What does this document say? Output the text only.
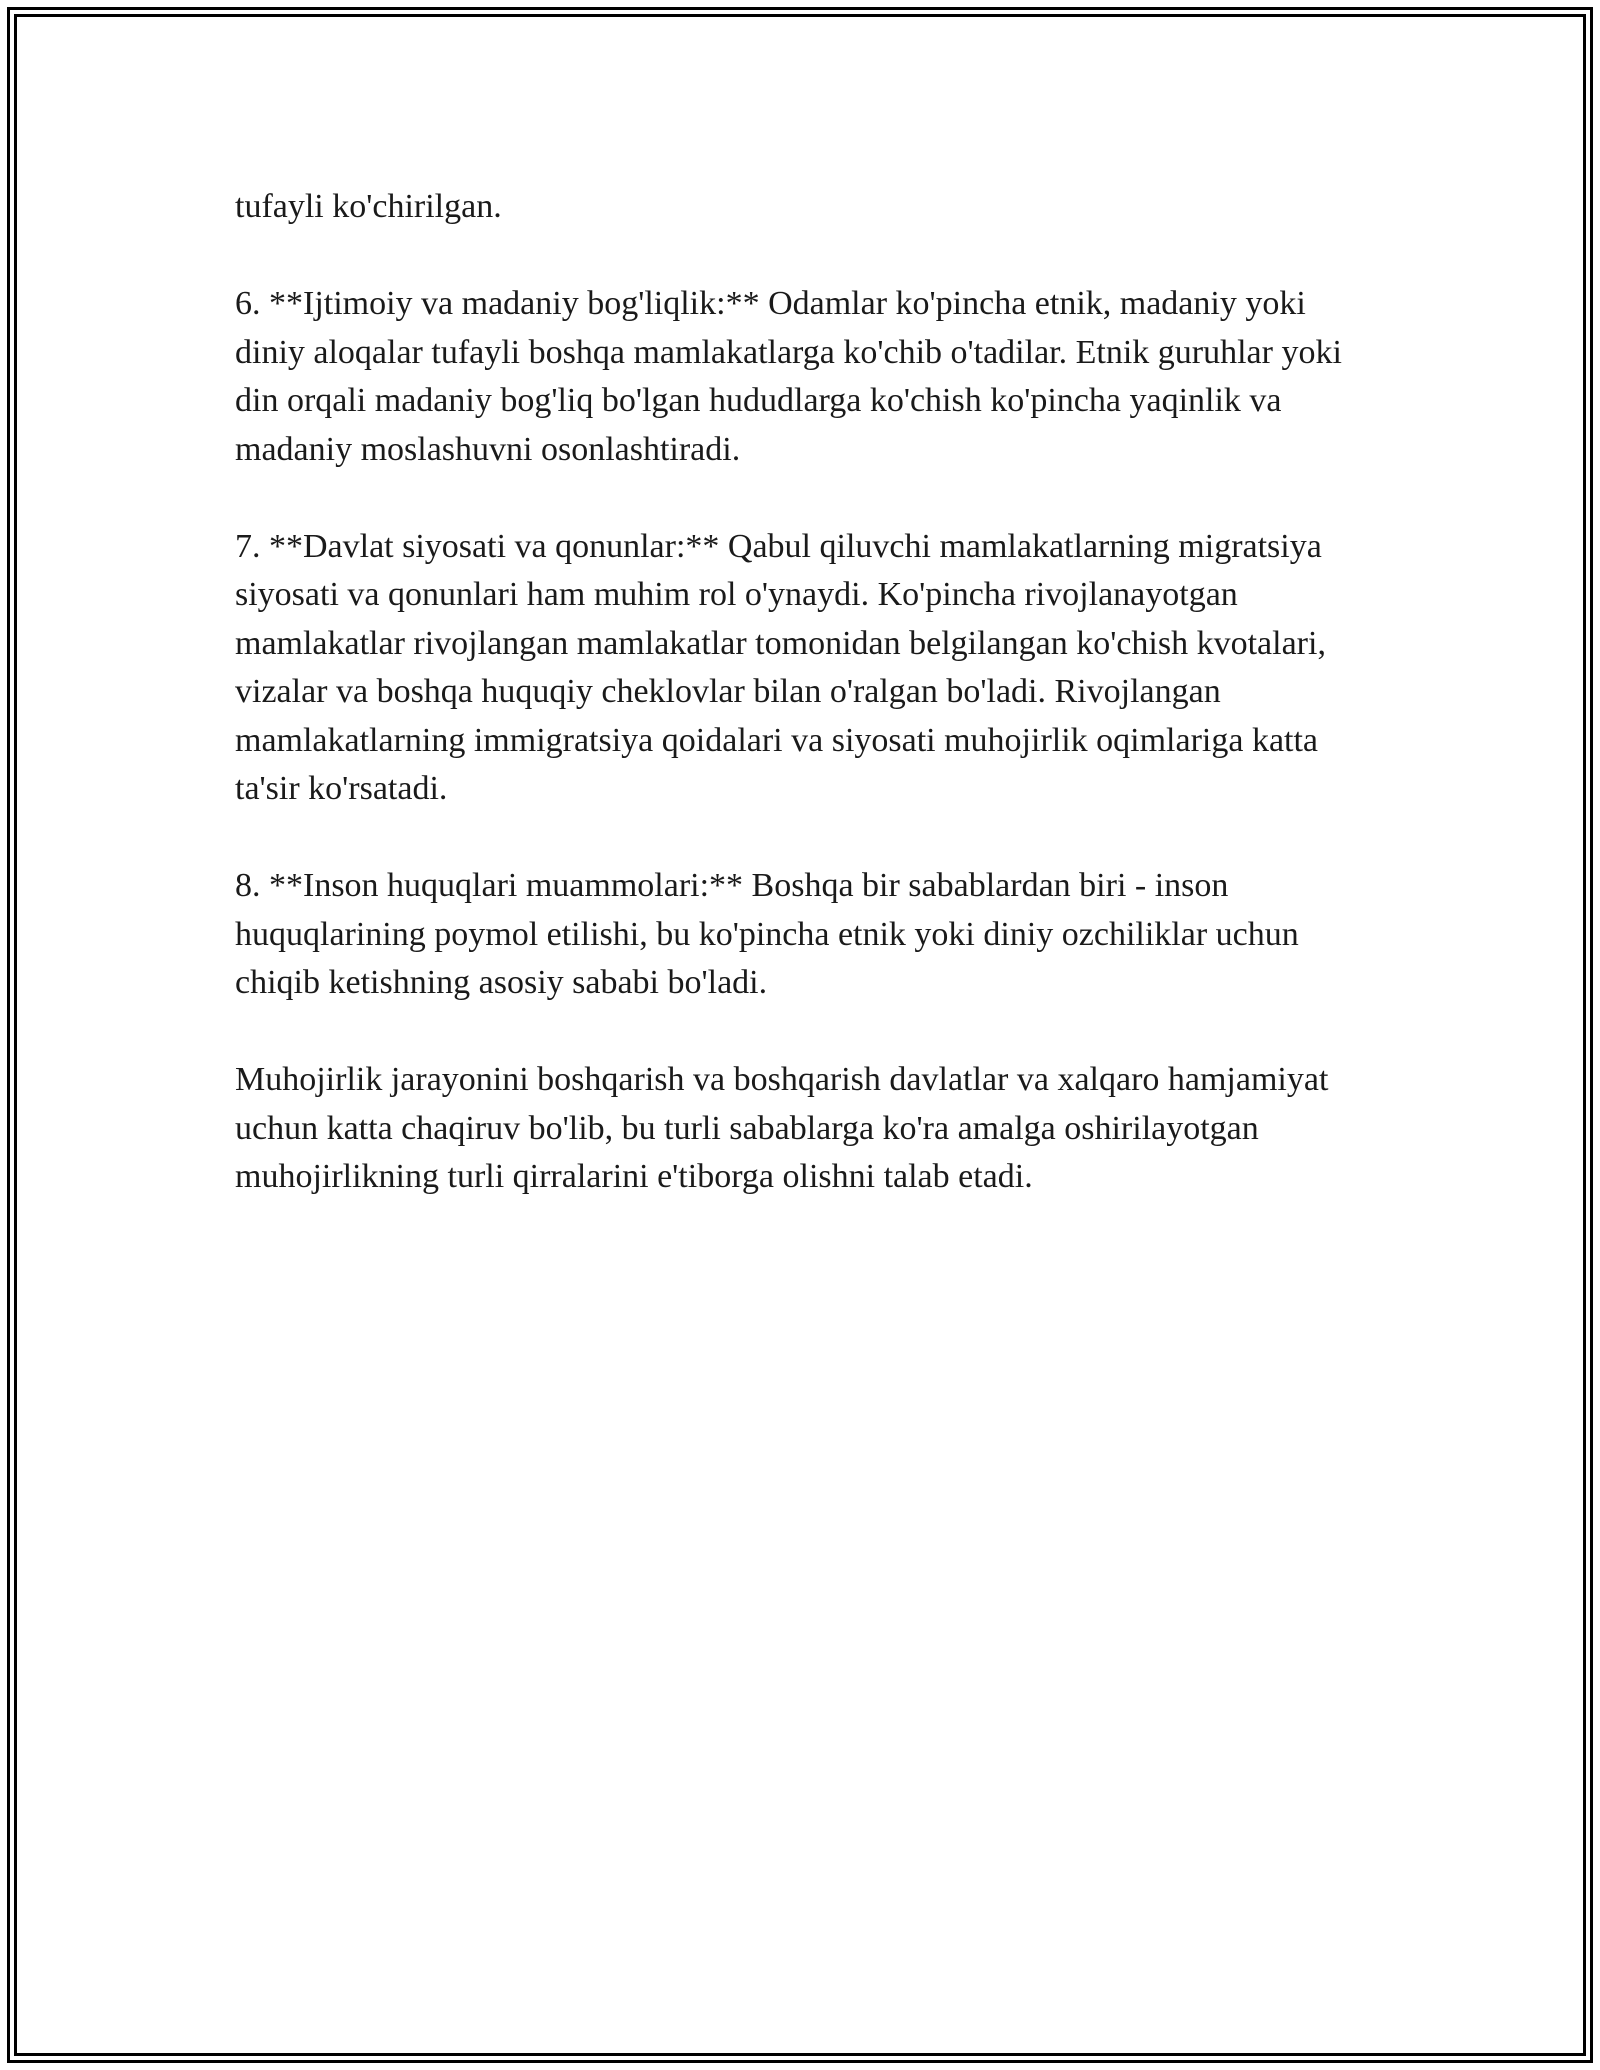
tufayli ko'chirilgan.

6. **Ijtimoiy va madaniy bog'liqlik:** Odamlar ko'pincha etnik, madaniy yoki diniy aloqalar tufayli boshqa mamlakatlarga ko'chib o'tadilar. Etnik guruhlar yoki din orqali madaniy bog'liq bo'lgan hududlarga ko'chish ko'pincha yaqinlik va madaniy moslashuvni osonlashtiradi.

7. **Davlat siyosati va qonunlar:** Qabul qiluvchi mamlakatlarning migratsiya siyosati va qonunlari ham muhim rol o'ynaydi. Ko'pincha rivojlanayotgan mamlakatlar rivojlangan mamlakatlar tomonidan belgilangan ko'chish kvotalari, vizalar va boshqa huquqiy cheklovlar bilan o'ralgan bo'ladi. Rivojlangan mamlakatlarning immigratsiya qoidalari va siyosati muhojirlik oqimlariga katta ta'sir ko'rsatadi.

8. **Inson huquqlari muammolari:** Boshqa bir sabablardan biri - inson huquqlarining poymol etilishi, bu ko'pincha etnik yoki diniy ozchiliklar uchun chiqib ketishning asosiy sababi bo'ladi.

Muhojirlik jarayonini boshqarish va boshqarish davlatlar va xalqaro hamjamiyat uchun katta chaqiruv bo'lib, bu turli sabablarga ko'ra amalga oshirilayotgan muhojirlikning turli qirralarini e'tiborga olishni talab etadi.
